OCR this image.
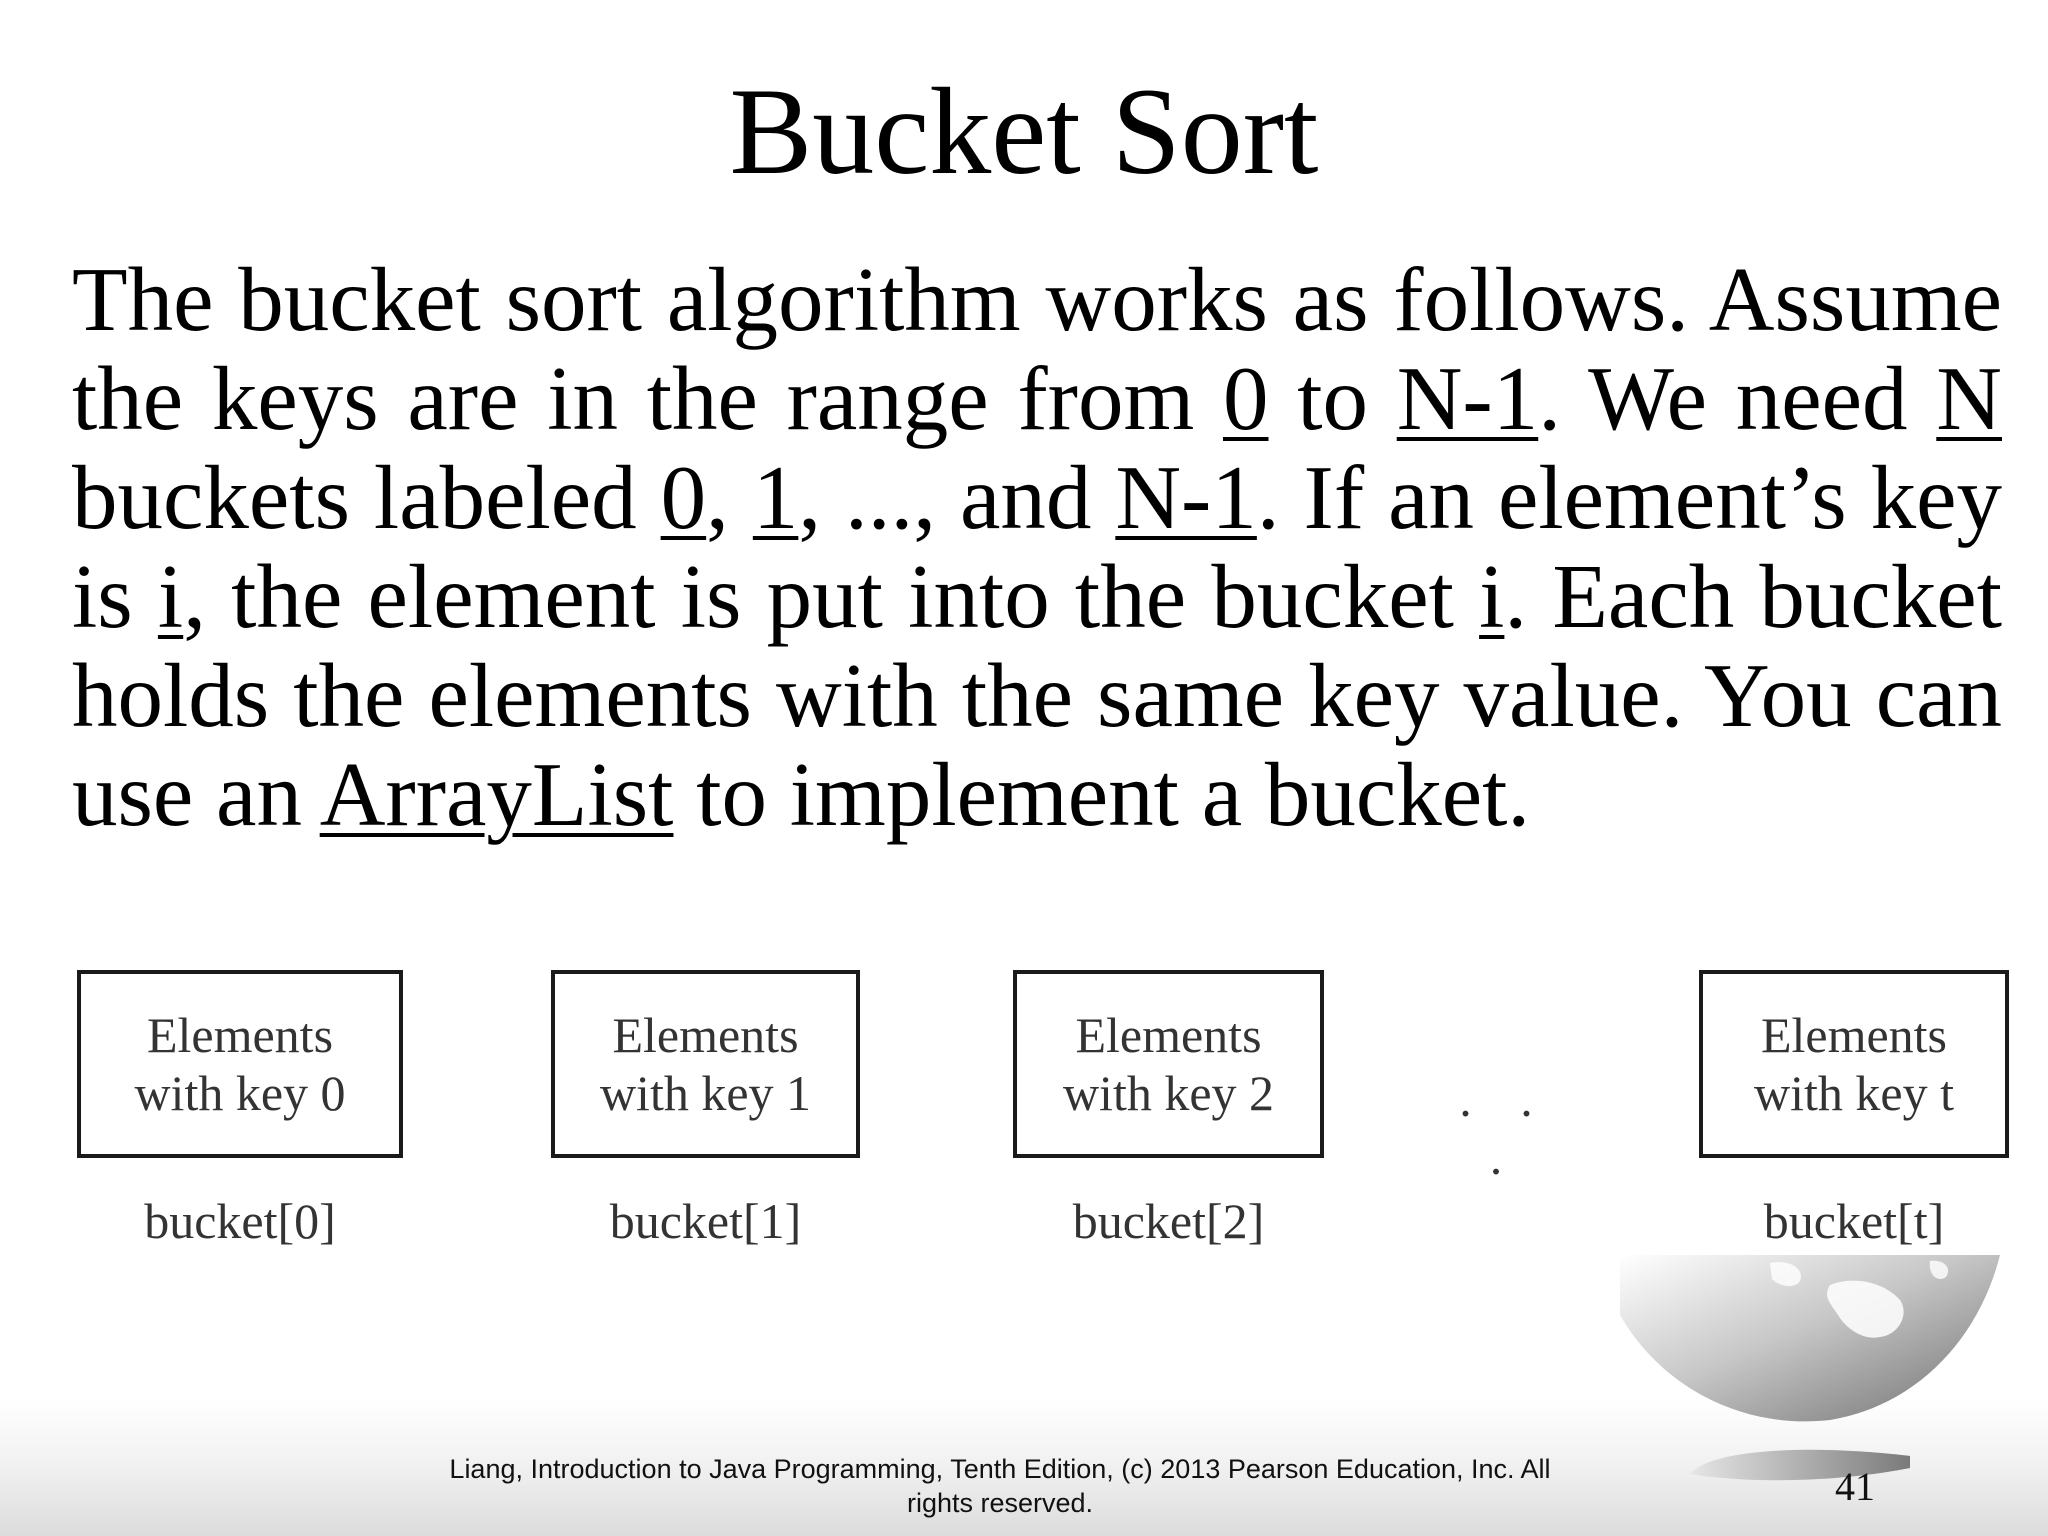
Bucket Sort
The bucket sort algorithm works as follows. Assume the keys are in the range from 0 to N-1. We need N buckets labeled 0, 1, ..., and N-1. If an element’s key is i, the element is put into the bucket i. Each bucket holds the elements with the same key value. You can use an ArrayList to implement a bucket.
Elements
with key 0
bucket[0]
Elements
with key 1
bucket[1]
Elements
with key 2
bucket[2]
. . .
Elements
with key t
bucket[t]
Liang, Introduction to Java Programming, Tenth Edition, (c) 2013 Pearson Education, Inc. All
rights reserved.	41
